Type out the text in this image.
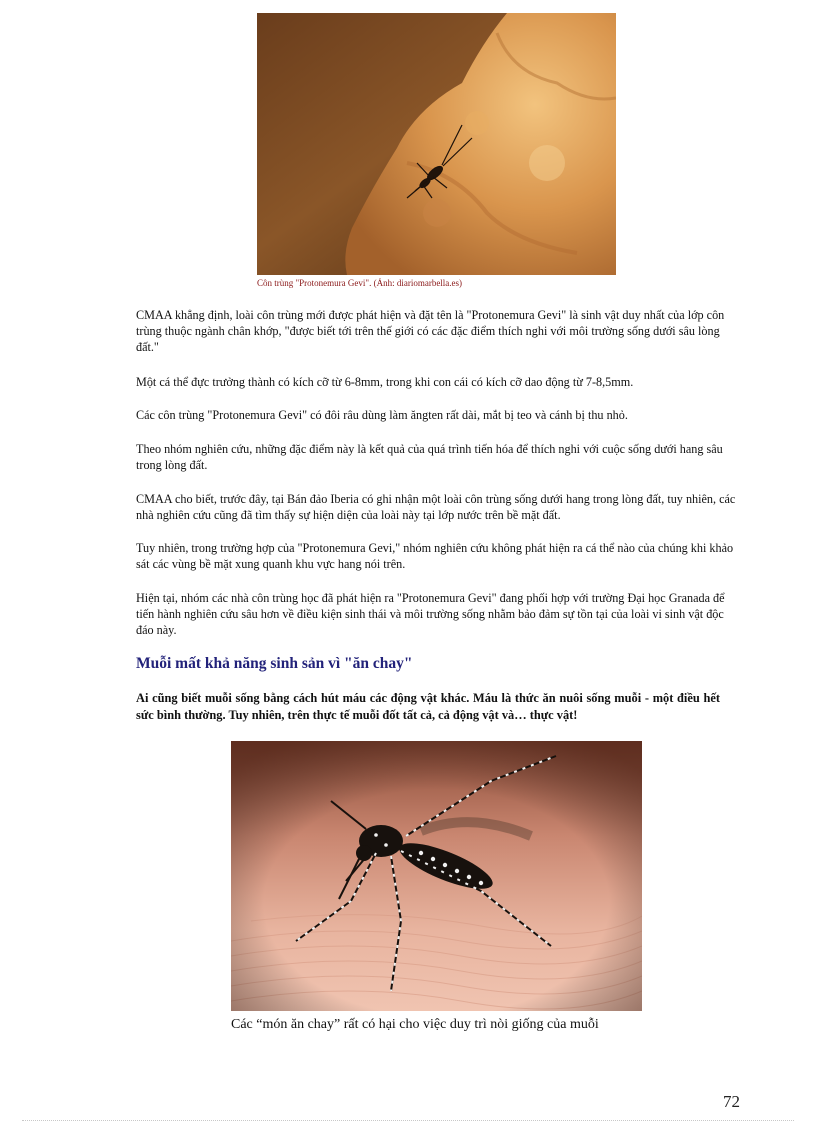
Côn trùng "Protonemura Gevi". (Ảnh: diariomarbella.es)

CMAA khẳng định, loài côn trùng mới được phát hiện và đặt tên là "Protonemura Gevi" là sinh vật duy nhất của lớp côn trùng thuộc ngành chân khớp, "được biết tới trên thế giới có các đặc điểm thích nghi với môi trường sống dưới sâu lòng đất."

Một cá thể đực trưởng thành có kích cỡ từ 6-8mm, trong khi con cái có kích cỡ dao động từ 7-8,5mm.

Các côn trùng "Protonemura Gevi" có đôi râu dùng làm ăngten rất dài, mắt bị teo và cánh bị thu nhỏ.

Theo nhóm nghiên cứu, những đặc điểm này là kết quả của quá trình tiến hóa để thích nghi với cuộc sống dưới hang sâu trong lòng đất.

CMAA cho biết, trước đây, tại Bán đảo Iberia có ghi nhận một loài côn trùng sống dưới hang trong lòng đất, tuy nhiên, các nhà nghiên cứu cũng đã tìm thấy sự hiện diện của loài này tại lớp nước trên bề mặt đất.

Tuy nhiên, trong trường hợp của "Protonemura Gevi," nhóm nghiên cứu không phát hiện ra cá thể nào của chúng khi khảo sát các vùng bề mặt xung quanh khu vực hang nói trên.

Hiện tại, nhóm các nhà côn trùng học đã phát hiện ra "Protonemura Gevi" đang phối hợp với trường Đại học Granada để tiến hành nghiên cứu sâu hơn về điều kiện sinh thái và môi trường sống nhằm bảo đảm sự tồn tại của loài vi sinh vật độc đáo này.

Muỗi mất khả năng sinh sản vì "ăn chay"

Ai cũng biết muỗi sống bằng cách hút máu các động vật khác. Máu là thức ăn nuôi sống muỗi - một điều hết sức bình thường. Tuy nhiên, trên thực tế muỗi đốt tất cả, cả động vật và… thực vật!

Các “món ăn chay” rất có hại cho việc duy trì nòi giống của muỗi

72
